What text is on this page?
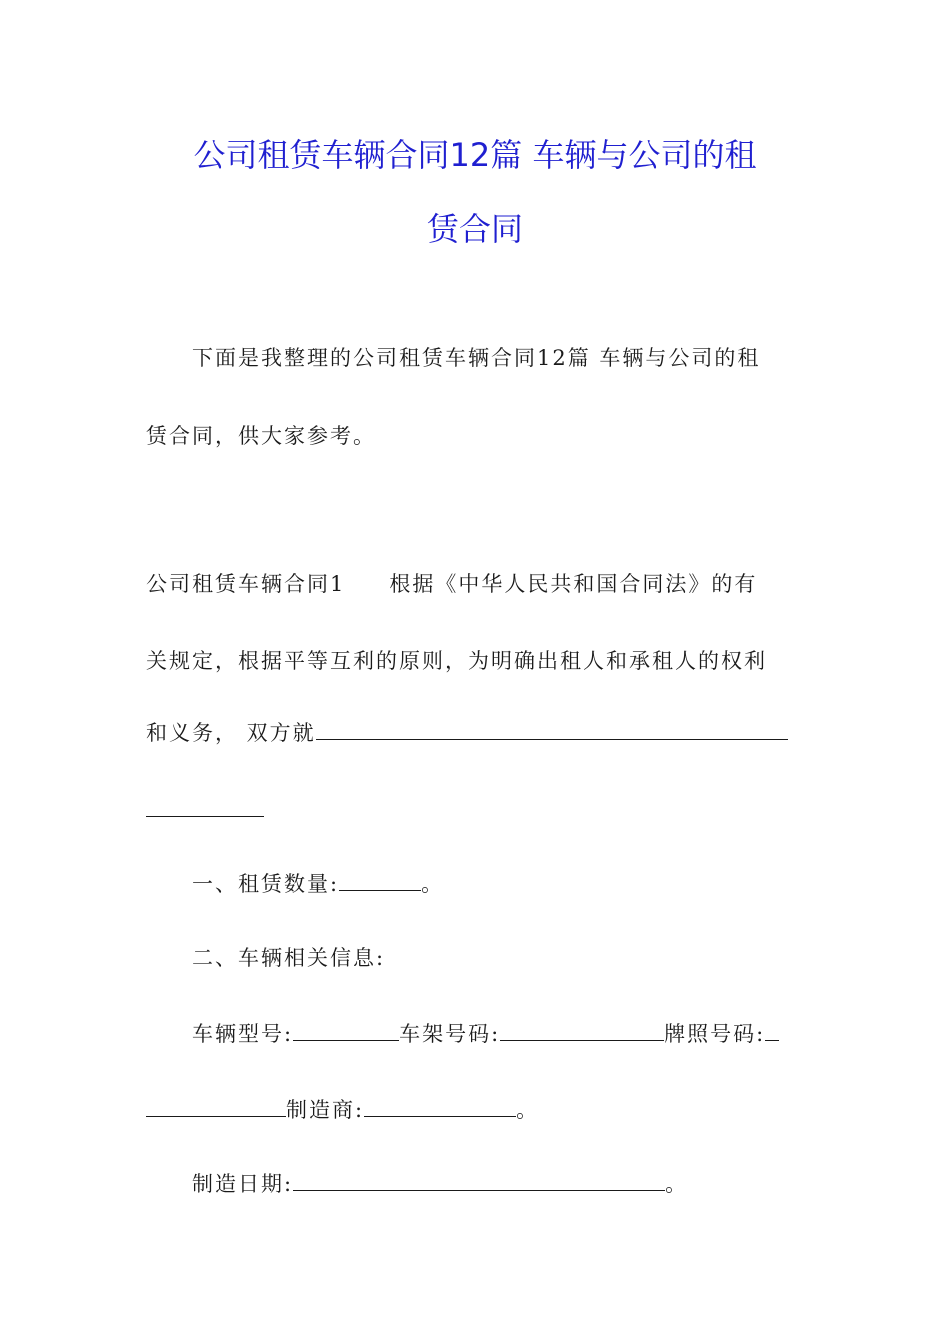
公司租赁车辆合同12篇 车辆与公司的租
赁合同
下面是我整理的公司租赁车辆合同12篇 车辆与公司的租
赁合同，供大家参考。
公司租赁车辆合同1 根据《中华人民共和国合同法》的有
关规定，根据平等互利的原则，为明确出租人和承租人的权利
和义务， 双方就
一、租赁数量:	。
二、车辆相关信息:
车辆型号:	车架号码:	牌照号码:
制造商:	。
制造日期:	。
